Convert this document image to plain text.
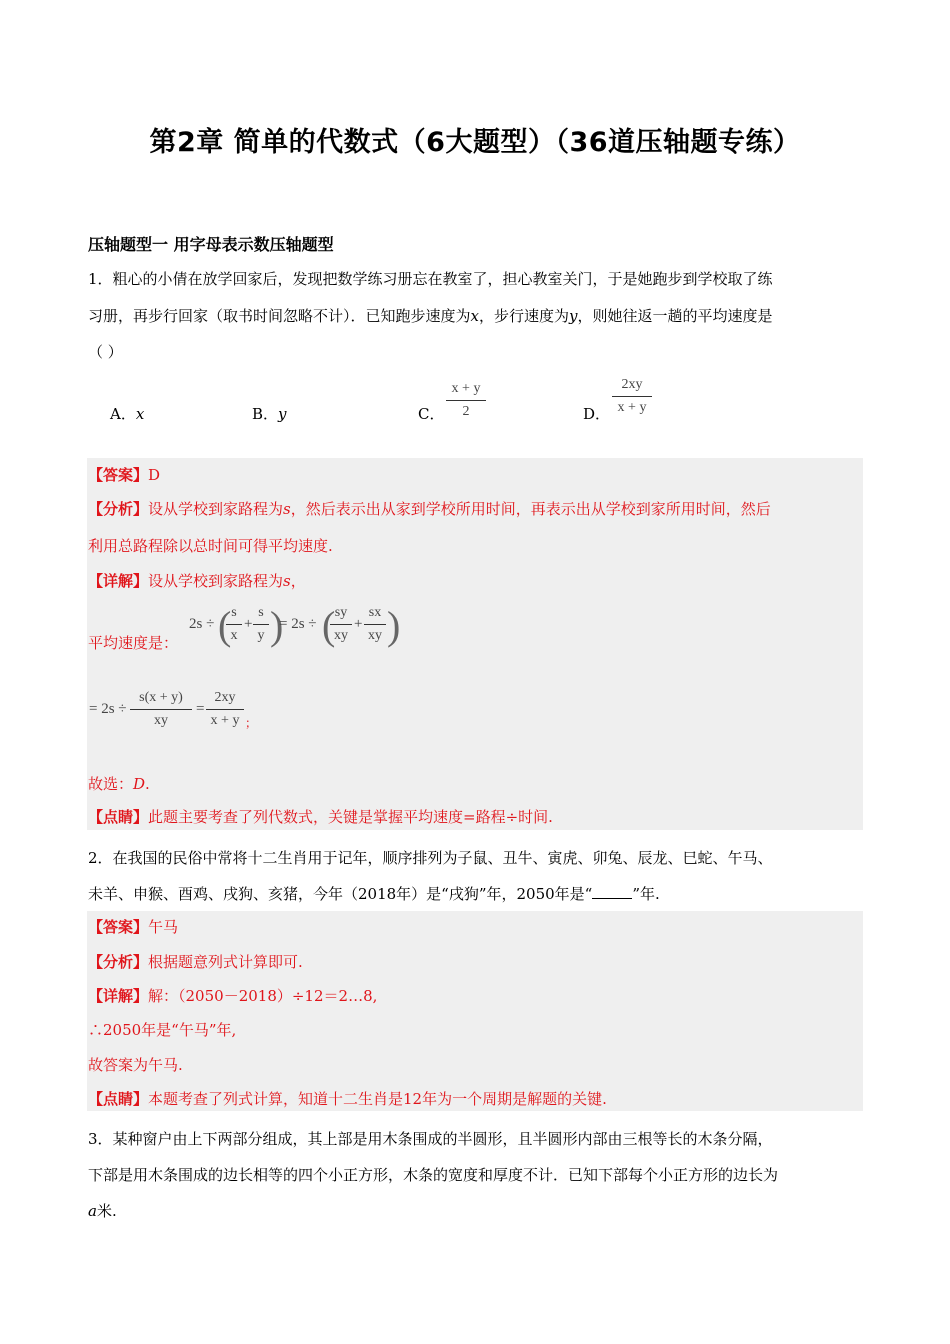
第2章 简单的代数式（6大题型）（36道压轴题专练）
压轴题型一 用字母表示数压轴题型
1．粗心的小倩在放学回家后，发现把数学练习册忘在教室了，担心教室关门，于是她跑步到学校取了练
习册，再步行回家（取书时间忽略不计）．已知跑步速度为x，步行速度为y，则她往返一趟的平均速度是
（ ）
A．x	B．y	C．
x + y
2	D．
2xy
x + y
【答案】D
【分析】设从学校到家路程为s，然后表示出从家到学校所用时间，再表示出从学校到家所用时间，然后
利用总路程除以总时间可得平均速度.
【详解】设从学校到家路程为s，
平均速度是：
2s ÷ ( s
x
+
s
y )
= 2s ÷ ( sy
xy
+
sx
xy )
= 2s ÷
s(x + y)
xy
=
2xy
x + y ；
故选：D.
【点睛】此题主要考查了列代数式，关键是掌握平均速度=路程÷时间.
2．在我国的民俗中常将十二生肖用于记年，顺序排列为子鼠、丑牛、寅虎、卯兔、辰龙、巳蛇、午马、
未羊、申猴、酉鸡、戌狗、亥猪，今年（2018年）是“戌狗”年，2050年是“	”年.
【答案】午马
【分析】根据题意列式计算即可.
【详解】解：（2050－2018）÷12＝2…8,
∴2050年是“午马”年,
故答案为午马.
【点睛】本题考查了列式计算，知道十二生肖是12年为一个周期是解题的关键.
3．某种窗户由上下两部分组成，其上部是用木条围成的半圆形，且半圆形内部由三根等长的木条分隔，
下部是用木条围成的边长相等的四个小正方形，木条的宽度和厚度不计．已知下部每个小正方形的边长为
a米.
